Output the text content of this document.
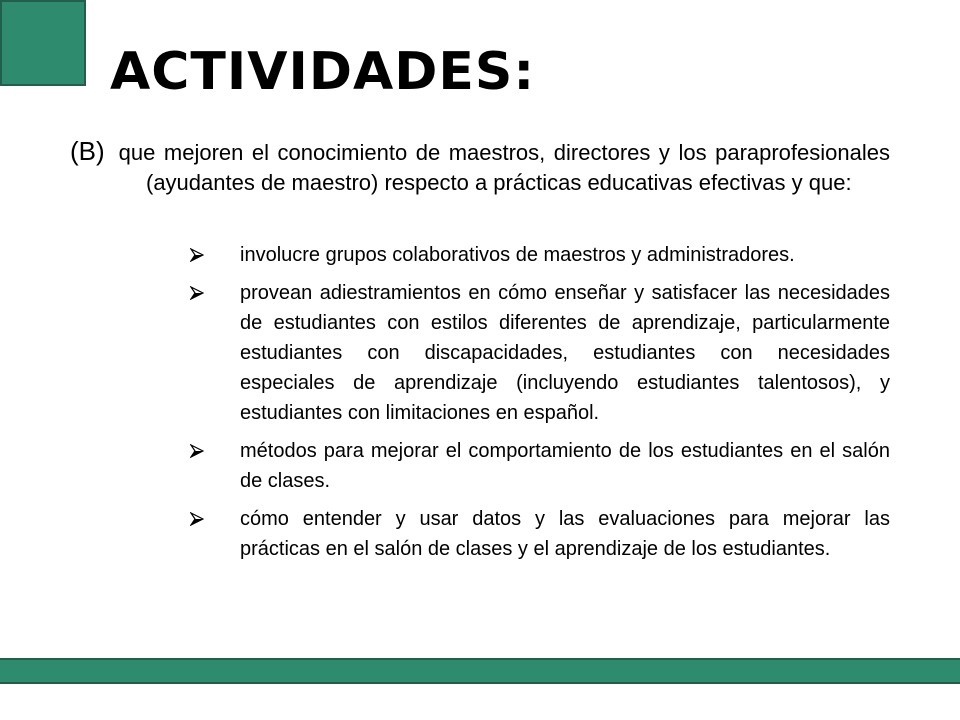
ACTIVIDADES:
(B) que mejoren el conocimiento de maestros, directores y los paraprofesionales (ayudantes de maestro) respecto a prácticas educativas efectivas y que:
involucre grupos colaborativos de maestros y administradores.
provean adiestramientos en cómo enseñar y satisfacer las necesidades de estudiantes con estilos diferentes de aprendizaje, particularmente estudiantes con discapacidades, estudiantes con necesidades especiales de aprendizaje (incluyendo estudiantes talentosos), y estudiantes con limitaciones en español.
métodos para mejorar el comportamiento de los estudiantes en el salón de clases.
cómo entender y usar datos y las evaluaciones para mejorar las prácticas en el salón de clases y el aprendizaje de los estudiantes.
